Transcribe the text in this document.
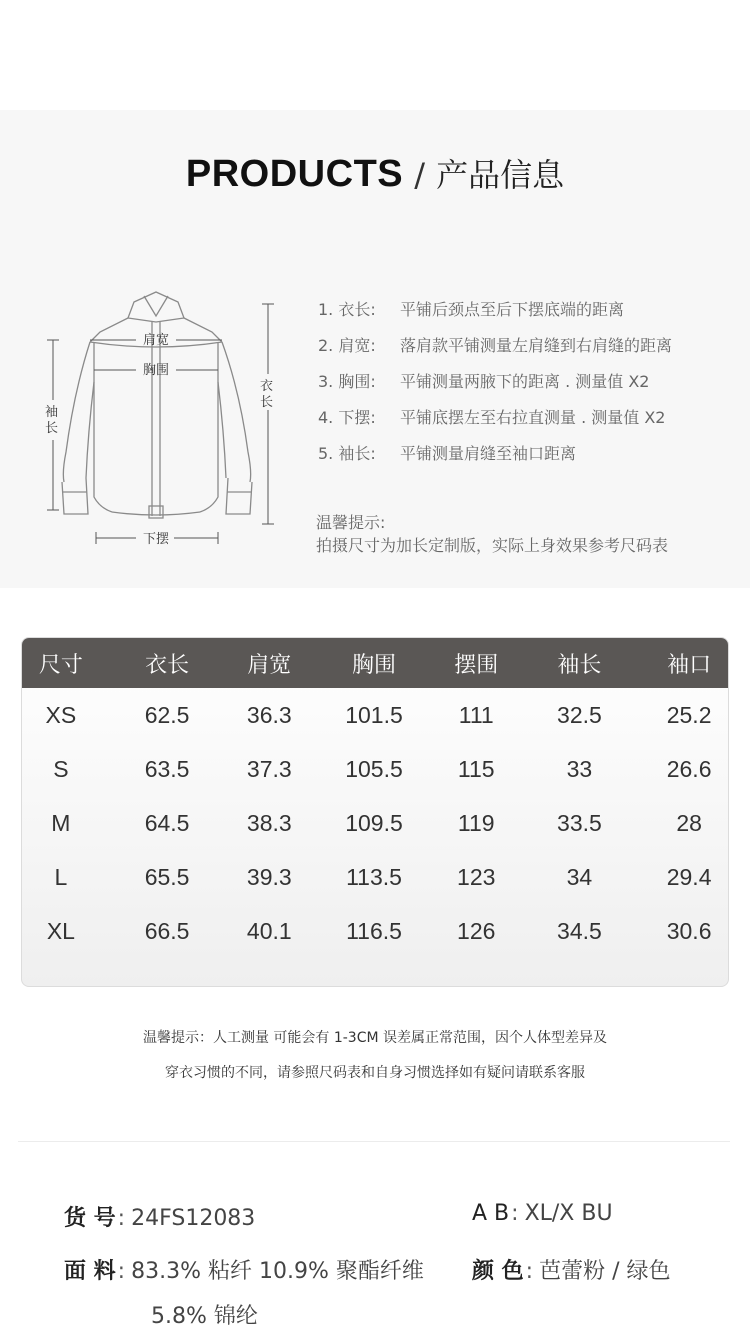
PRODUCTS / 产品信息
肩宽
胸围
下摆
衣长
袖长
1. 衣长:	平铺后颈点至后下摆底端的距离
2. 肩宽:	落肩款平铺测量左肩缝到右肩缝的距离
3. 胸围:	平铺测量两腋下的距离 . 测量值 X2
4. 下摆:	平铺底摆左至右拉直测量 . 测量值 X2
5. 袖长:	平铺测量肩缝至袖口距离
温馨提示:
拍摄尺寸为加长定制版，实际上身效果参考尺码表
尺寸	衣长	肩宽	胸围	摆围	袖长	袖口
XS	62.5	36.3	101.5	111	32.5	25.2
S	63.5	37.3	105.5	115	33	26.6
M	64.5	38.3	109.5	119	33.5	28
L	65.5	39.3	113.5	123	34	29.4
XL	66.5	40.1	116.5	126	34.5	30.6
温馨提示：人工测量 可能会有 1-3CM 误差属正常范围，因个人体型差异及
穿衣习惯的不同，请参照尺码表和自身习惯选择如有疑问请联系客服
货 号: 24FS12083	A B: XL/X BU
面 料: 83.3% 粘纤 10.9% 聚酯纤维
5.8% 锦纶
颜 色: 芭蕾粉 / 绿色
